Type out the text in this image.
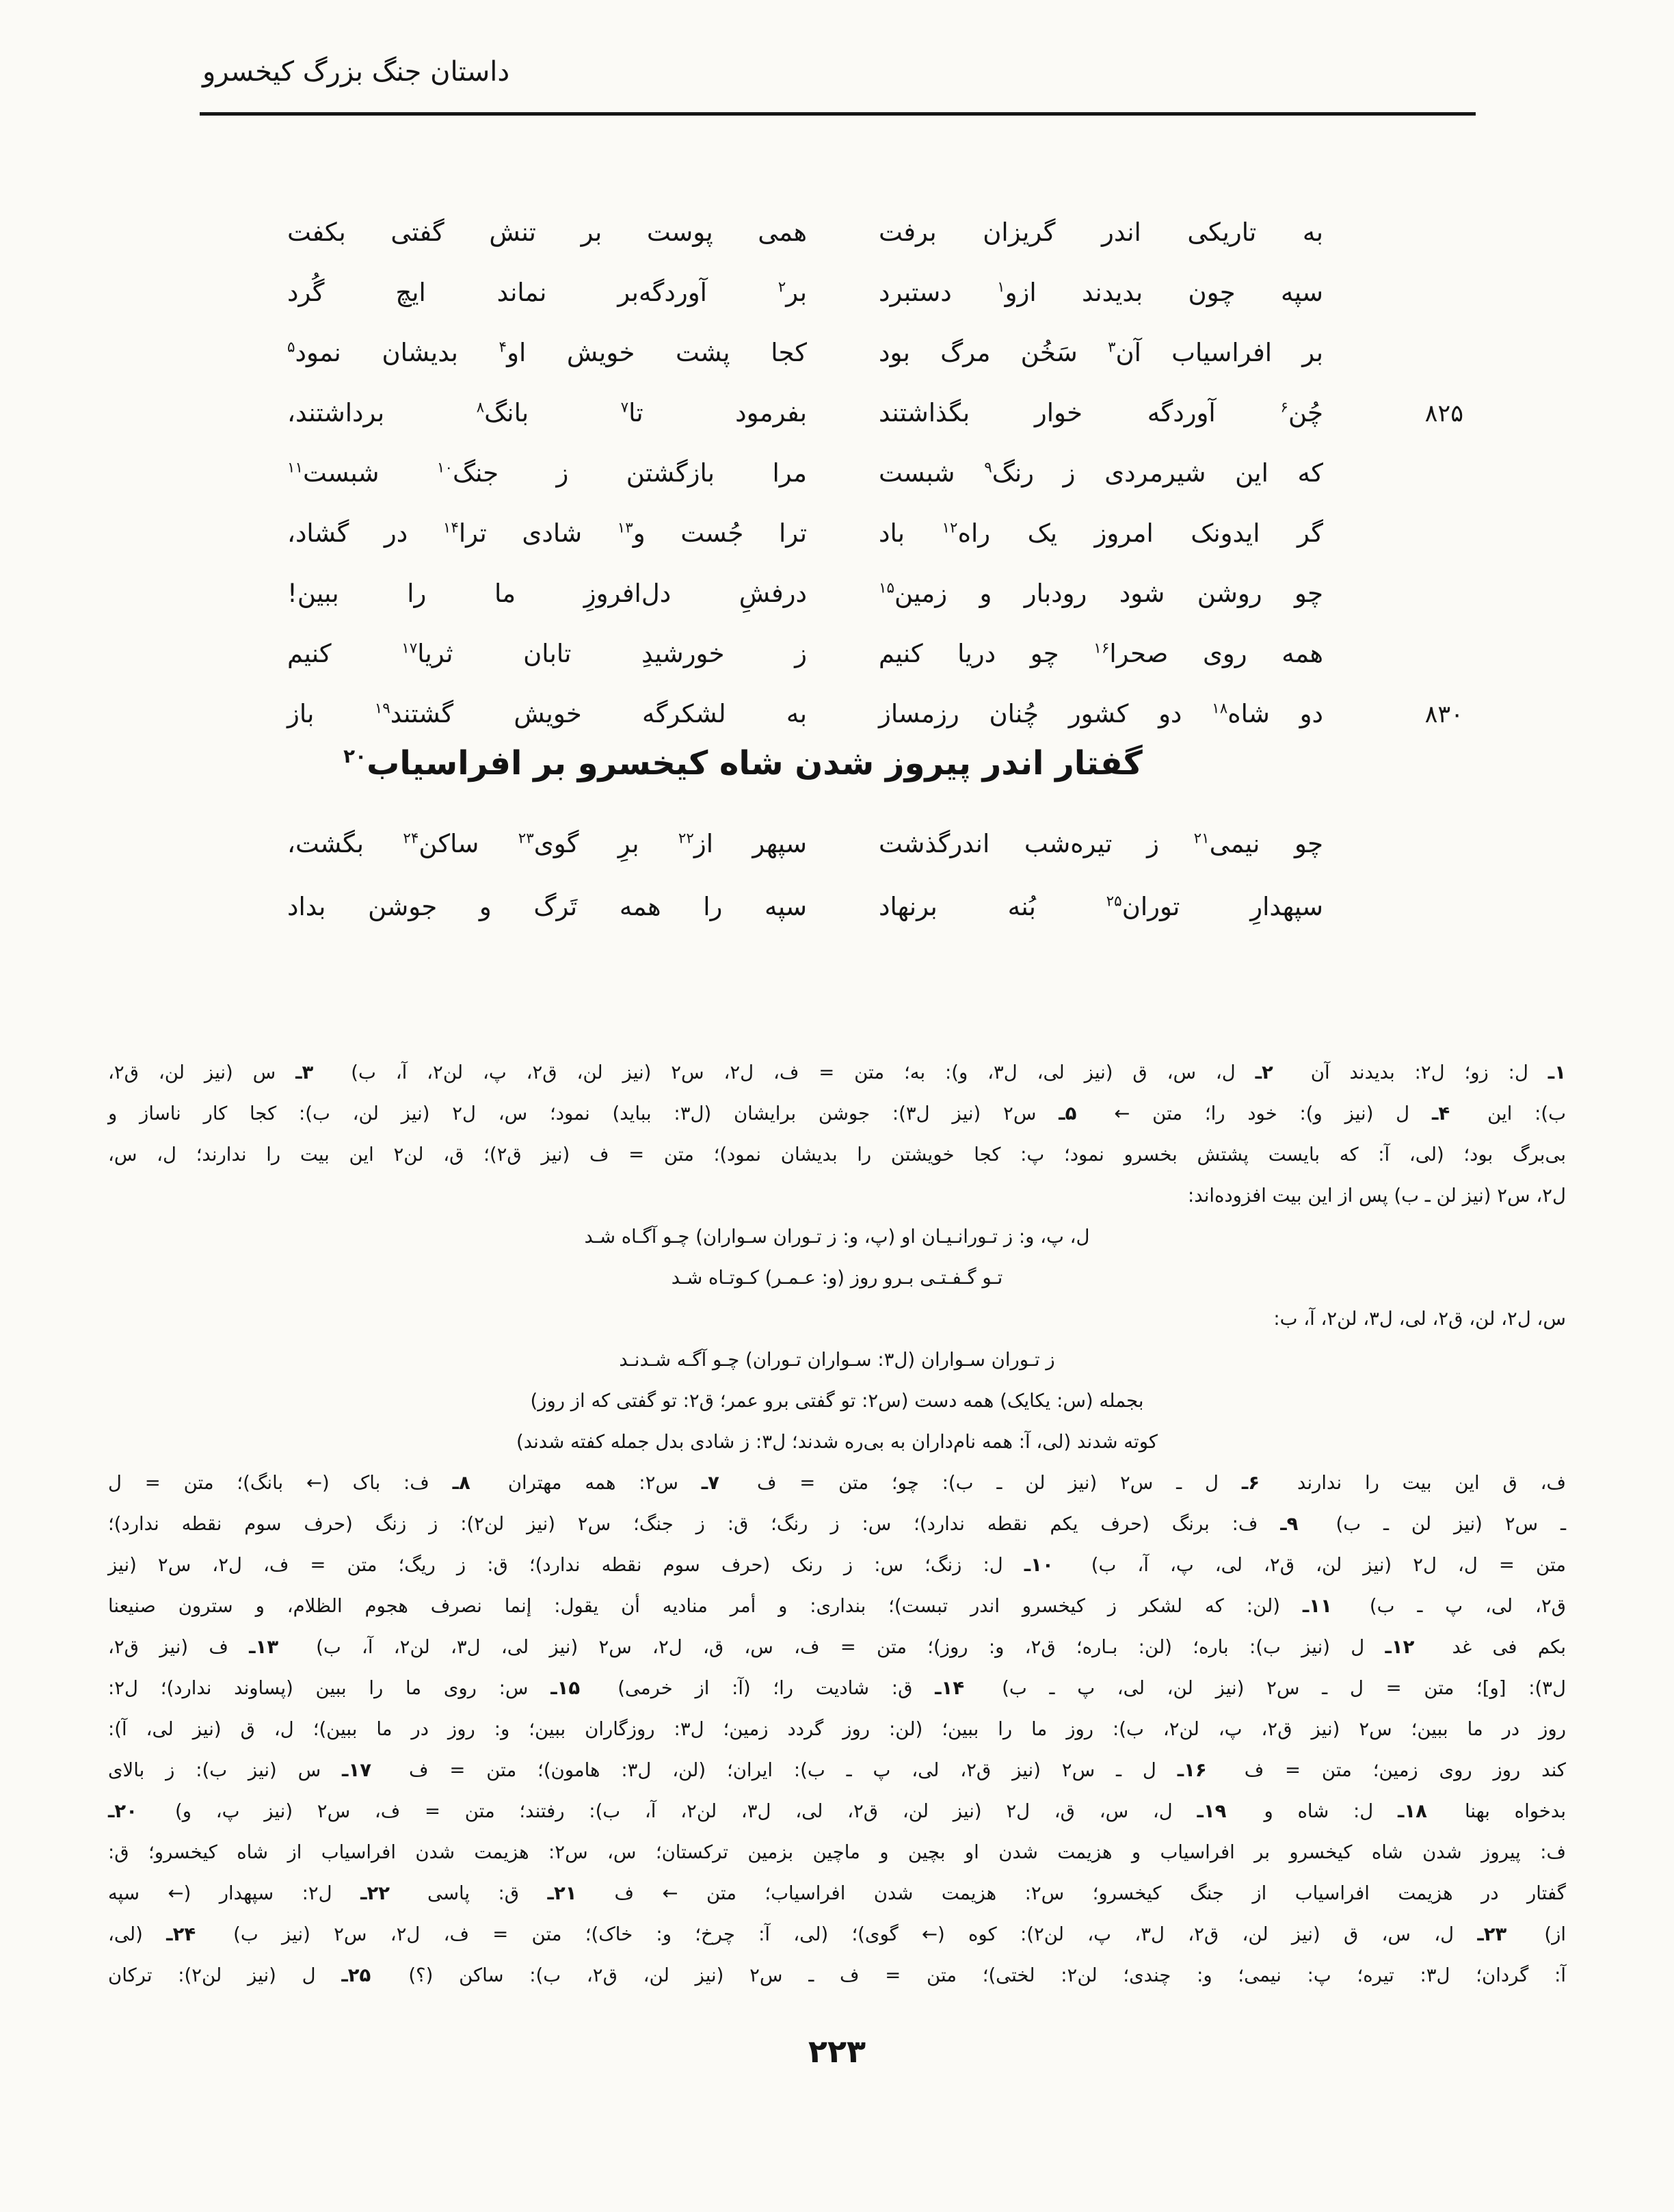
داستان جنگ بزرگ کیخسرو
به تاریکی اندر گریزان برفت
همی پوست بر تنش گفتی بکفت
سپه چون بدیدند ازو$^۱$ دستبرد
بر$^۲$ آوردگه‌بر نماند ایچ گُرد
بر افراسیاب آن$^۳$ سَخُن مرگ بود
کجا پشت خویش او$^۴$ بدیشان نمود$^۵$
۸۲۵
چُن$^۶$ آوردگه خوار بگذاشتند
بفرمود تا$^۷$ بانگ$^۸$ برداشتند،
که این شیرمردی ز رنگ$^۹$ شبست
مرا بازگشتن ز جنگ$^{۱۰}$ شبست$^{۱۱}$
گر ایدونک امروز یک راه$^{۱۲}$ باد
ترا جُست و$^{۱۳}$ شادی ترا$^{۱۴}$ در گشاد،
چو روشن شود رودبار و زمین$^{۱۵}$
درفشِ دل‌افروزِ ما را ببین!
همه روی صحرا$^{۱۶}$ چو دریا کنیم
ز خورشیدِ تابان ثریا$^{۱۷}$ کنیم
۸۳۰
دو شاه$^{۱۸}$ دو کشور چُنان رزمساز
به لشکرگه خویش گشتند$^{۱۹}$ باز
گفتار اندر پیروز شدن شاه کیخسرو بر افراسیاب$^{۲۰}$
چو نیمی$^{۲۱}$ ز تیره‌شب اندرگذشت
سپهر از$^{۲۲}$ برِ گوی$^{۲۳}$ ساکن$^{۲۴}$ بگشت،
سپهدارِ توران$^{۲۵}$ بُنه برنهاد
سپه را همه تَرگ و جوشن بداد
۱ـ ل: زو؛ ل۲: بدیدند آن  ۲ـ ل، س، ق (نیز لی، ل۳، و): به؛ متن = ف، ل۲، س۲ (نیز لن، ق۲، پ، لن۲، آ، ب)  ۳ـ س (نیز لن، ق۲،
ب): این  ۴ـ ل (نیز و): خود را؛ متن ←  ۵ـ س۲ (نیز ل۳): جوشن برایشان (ل۳: بباید) نمود؛ س، ل۲ (نیز لن، ب): کجا کار ناساز و
بی‌برگ بود؛ (لی، آ: که بایست پشتش بخسرو نمود؛ پ: کجا خویشتن را بدیشان نمود)؛ متن = ف (نیز ق۲)؛ ق، لن۲ این بیت را ندارند؛ ل، س،
ل۲، س۲ (نیز لن ـ ب) پس از این بیت افزوده‌اند:
ل، پ، و: ز تـورانـیـان او (پ، و: ز تـوران سـواران) چـو آگـاه شـد
تـو گـفـتـی بـرو روز (و: عـمـر) کـوتـاه شـد
س، ل۲، لن، ق۲، لی، ل۳، لن۲، آ، ب:
ز تـوران سـواران (ل۳: سـواران تـوران) چـو آگـه شـدنـد
بجمله (س: یکایک) همه دست (س۲: تو گفتی برو عمر؛ ق۲: تو گفتی که از روز)
کوته شدند (لی، آ: همه نام‌داران به بی‌ره شدند؛ ل۳: ز شادی بدل جمله کفته شدند)
ف، ق این بیت را ندارند  ۶ـ ل ـ س۲ (نیز لن ـ ب): چو؛ متن = ف  ۷ـ س۲: همه مهتران  ۸ـ ف: باک (← بانگ)؛ متن = ل
ـ س۲ (نیز لن ـ ب)  ۹ـ ف: برنگ (حرف یکم نقطه ندارد)؛ س: ز رنگ؛ ق: ز جنگ؛ س۲ (نیز لن۲): ز زنگ (حرف سوم نقطه ندارد)؛
متن = ل، ل۲ (نیز لن، ق۲، لی، پ، آ، ب)  ۱۰ـ ل: زنگ؛ س: ز رنک (حرف سوم نقطه ندارد)؛ ق: ز ریگ؛ متن = ف، ل۲، س۲ (نیز
ق۲، لی، پ ـ ب)  ۱۱ـ (لن: که لشکر ز کیخسرو اندر تبست)؛ بنداری: و أمر منادیه أن یقول: إنما نصرف هجوم الظلام، و سترون صنیعنا
بکم فی غد  ۱۲ـ ل (نیز ب): باره؛ (لن: بـاره؛ ق۲، و: روز)؛ متن = ف، س، ق، ل۲، س۲ (نیز لی، ل۳، لن۲، آ، ب)  ۱۳ـ ف (نیز ق۲،
ل۳): [و]؛ متن = ل ـ س۲ (نیز لن، لی، پ ـ ب)  ۱۴ـ ق: شادیت را؛ (آ: از خرمی)  ۱۵ـ س: روی ما را ببین (پساوند ندارد)؛ ل۲:
روز در ما ببین؛ س۲ (نیز ق۲، پ، لن۲، ب): روز ما را ببین؛ (لن: روز گردد زمین؛ ل۳: روزگاران ببین؛ و: روز در ما ببین)؛ ل، ق (نیز لی، آ):
کند روز روی زمین؛ متن = ف  ۱۶ـ ل ـ س۲ (نیز ق۲، لی، پ ـ ب): ایران؛ (لن، ل۳: هامون)؛ متن = ف  ۱۷ـ س (نیز ب): ز بالای
بدخواه بهنا  ۱۸ـ ل: شاه و  ۱۹ـ ل، س، ق، ل۲ (نیز لن، ق۲، لی، ل۳، لن۲، آ، ب): رفتند؛ متن = ف، س۲ (نیز پ، و)  ۲۰ـ
ف: پیروز شدن شاه کیخسرو بر افراسیاب و هزیمت شدن او بچین و ماچین بزمین ترکستان؛ س، س۲: هزیمت شدن افراسیاب از شاه کیخسرو؛ ق:
گفتار در هزیمت افراسیاب از جنگ کیخسرو؛ س۲: هزیمت شدن افراسیاب؛ متن ← ف  ۲۱ـ ق: پاسی  ۲۲ـ ل۲: سپهدار (← سپه
از)  ۲۳ـ ل، س، ق (نیز لن، ق۲، ل۳، پ، لن۲): کوه (← گوی)؛ (لی، آ: چرخ؛ و: خاک)؛ متن = ف، ل۲، س۲ (نیز ب)  ۲۴ـ (لی،
آ: گردان؛ ل۳: تیره؛ پ: نیمی؛ و: چندی؛ لن۲: لختی)؛ متن = ف ـ س۲ (نیز لن، ق۲، ب): ساکن (؟)  ۲۵ـ ل (نیز لن۲): ترکان
۲۲۳
